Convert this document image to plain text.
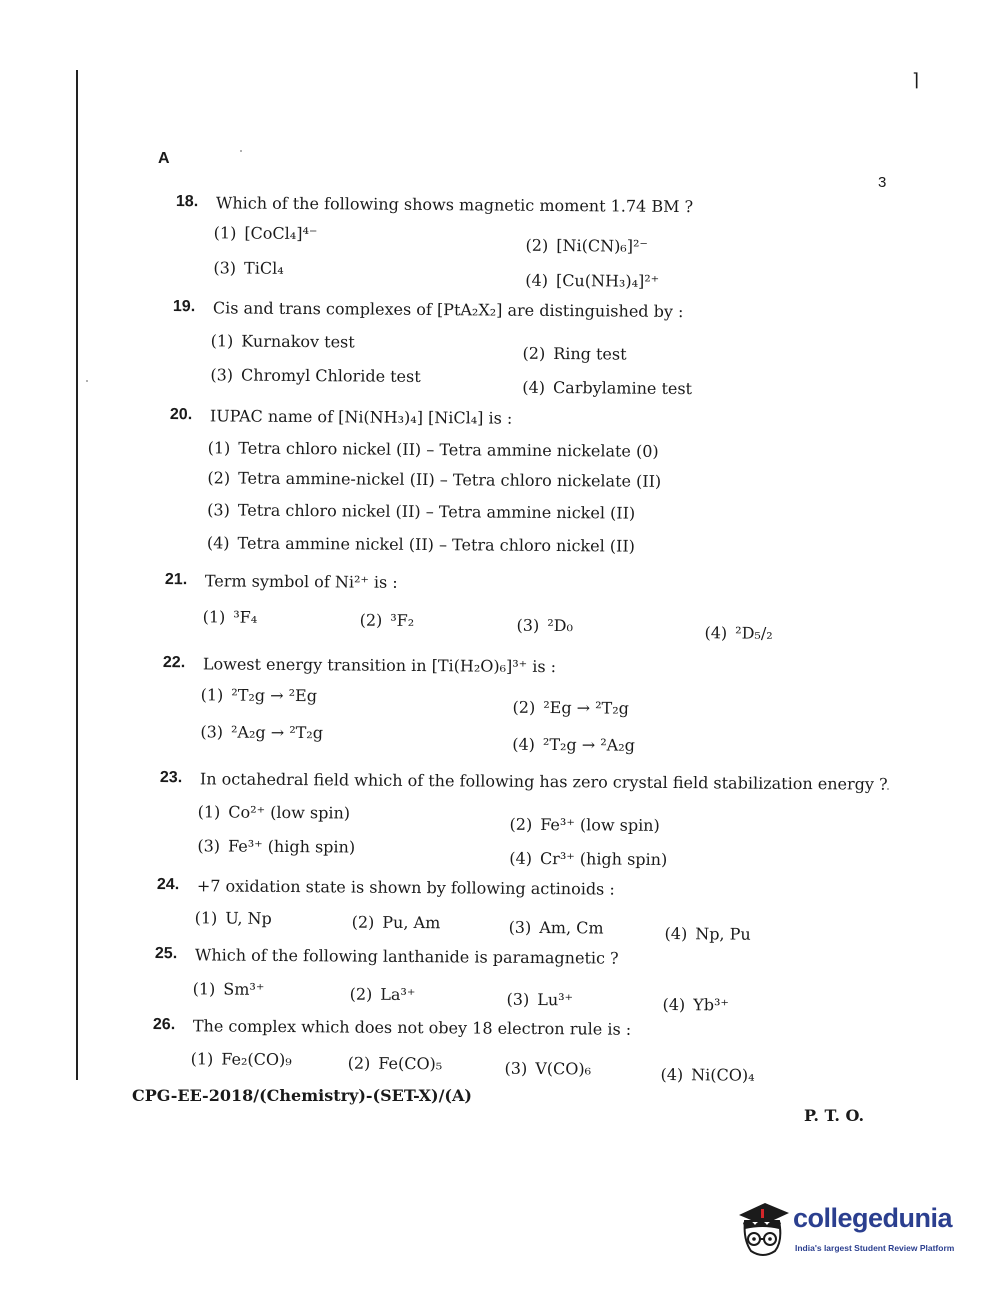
⌉
A
3
18. Which of the following shows magnetic moment 1.74 BM ?
(1) [CoCl₄]⁴⁻
(2) [Ni(CN)₆]²⁻
(3) TiCl₄
(4) [Cu(NH₃)₄]²⁺
19. Cis and trans complexes of [PtA₂X₂] are distinguished by :
(1) Kurnakov test
(2) Ring test
(3) Chromyl Chloride test
(4) Carbylamine test
20. IUPAC name of [Ni(NH₃)₄] [NiCl₄] is :
(1) Tetra chloro nickel (II) – Tetra ammine nickelate (0)
(2) Tetra ammine-nickel (II) – Tetra chloro nickelate (II)
(3) Tetra chloro nickel (II) – Tetra ammine nickel (II)
(4) Tetra ammine nickel (II) – Tetra chloro nickel (II)
21. Term symbol of Ni²⁺ is :
(1) ³F₄	(2) ³F₂	(3) ²D₀	(4) ²D₅/₂
22. Lowest energy transition in [Ti(H₂O)₆]³⁺ is :
(1) ²T₂g → ²Eg
(2) ²Eg → ²T₂g
(3) ²A₂g → ²T₂g
(4) ²T₂g → ²A₂g
23. In octahedral field which of the following has zero crystal field stabilization energy ?
(1) Co²⁺ (low spin)
(2) Fe³⁺ (low spin)
(3) Fe³⁺ (high spin)
(4) Cr³⁺ (high spin)
24. +7 oxidation state is shown by following actinoids :
(1) U, Np	(2) Pu, Am	(3) Am, Cm	(4) Np, Pu
25. Which of the following lanthanide is paramagnetic ?
(1) Sm³⁺	(2) La³⁺	(3) Lu³⁺	(4) Yb³⁺
26. The complex which does not obey 18 electron rule is :
(1) Fe₂(CO)₉	(2) Fe(CO)₅	(3) V(CO)₆	(4) Ni(CO)₄
CPG-EE-2018/(Chemistry)-(SET-X)/(A)
P. T. O.
collegedunia
India's largest Student Review Platform
